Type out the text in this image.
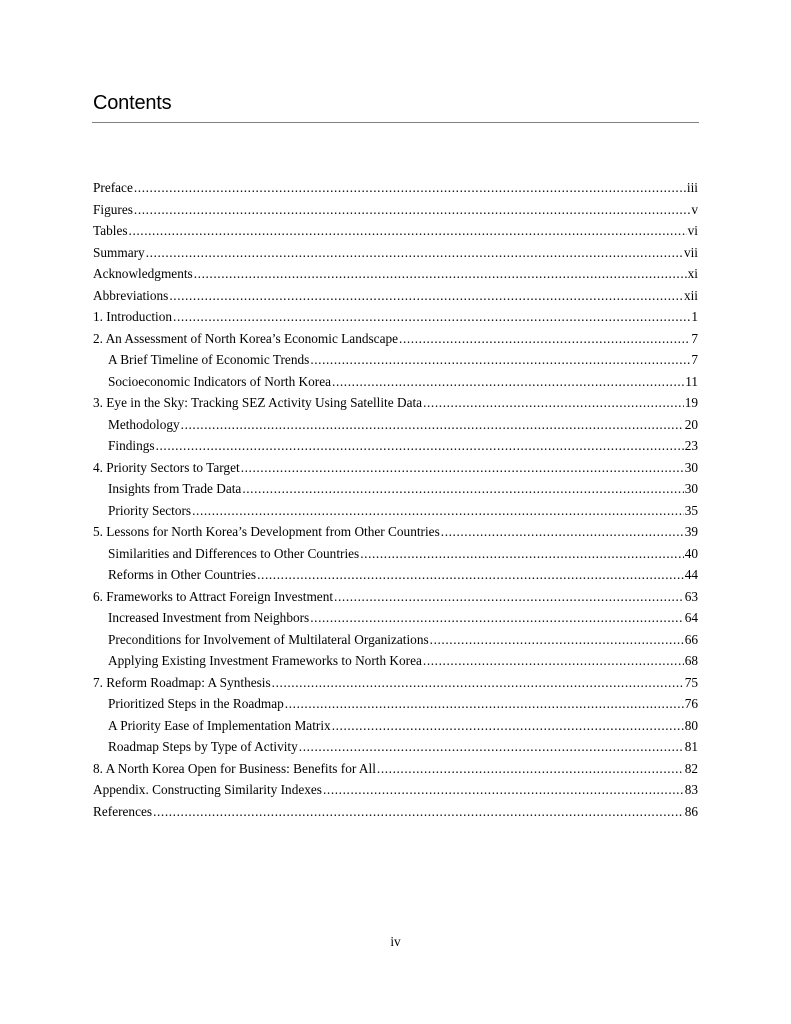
Contents
Preface .....	iii
Figures .....	v
Tables .....	vi
Summary .....	vii
Acknowledgments .....	xi
Abbreviations .....	xii
1. Introduction .....	1
2. An Assessment of North Korea’s Economic Landscape .....	7
A Brief Timeline of Economic Trends .....	7
Socioeconomic Indicators of North Korea .....	11
3. Eye in the Sky: Tracking SEZ Activity Using Satellite Data .....	19
Methodology .....	20
Findings .....	23
4. Priority Sectors to Target .....	30
Insights from Trade Data .....	30
Priority Sectors .....	35
5. Lessons for North Korea’s Development from Other Countries .....	39
Similarities and Differences to Other Countries .....	40
Reforms in Other Countries .....	44
6. Frameworks to Attract Foreign Investment .....	63
Increased Investment from Neighbors .....	64
Preconditions for Involvement of Multilateral Organizations .....	66
Applying Existing Investment Frameworks to North Korea .....	68
7. Reform Roadmap: A Synthesis .....	75
Prioritized Steps in the Roadmap .....	76
A Priority Ease of Implementation Matrix .....	80
Roadmap Steps by Type of Activity .....	81
8. A North Korea Open for Business: Benefits for All .....	82
Appendix. Constructing Similarity Indexes .....	83
References .....	86
iv
